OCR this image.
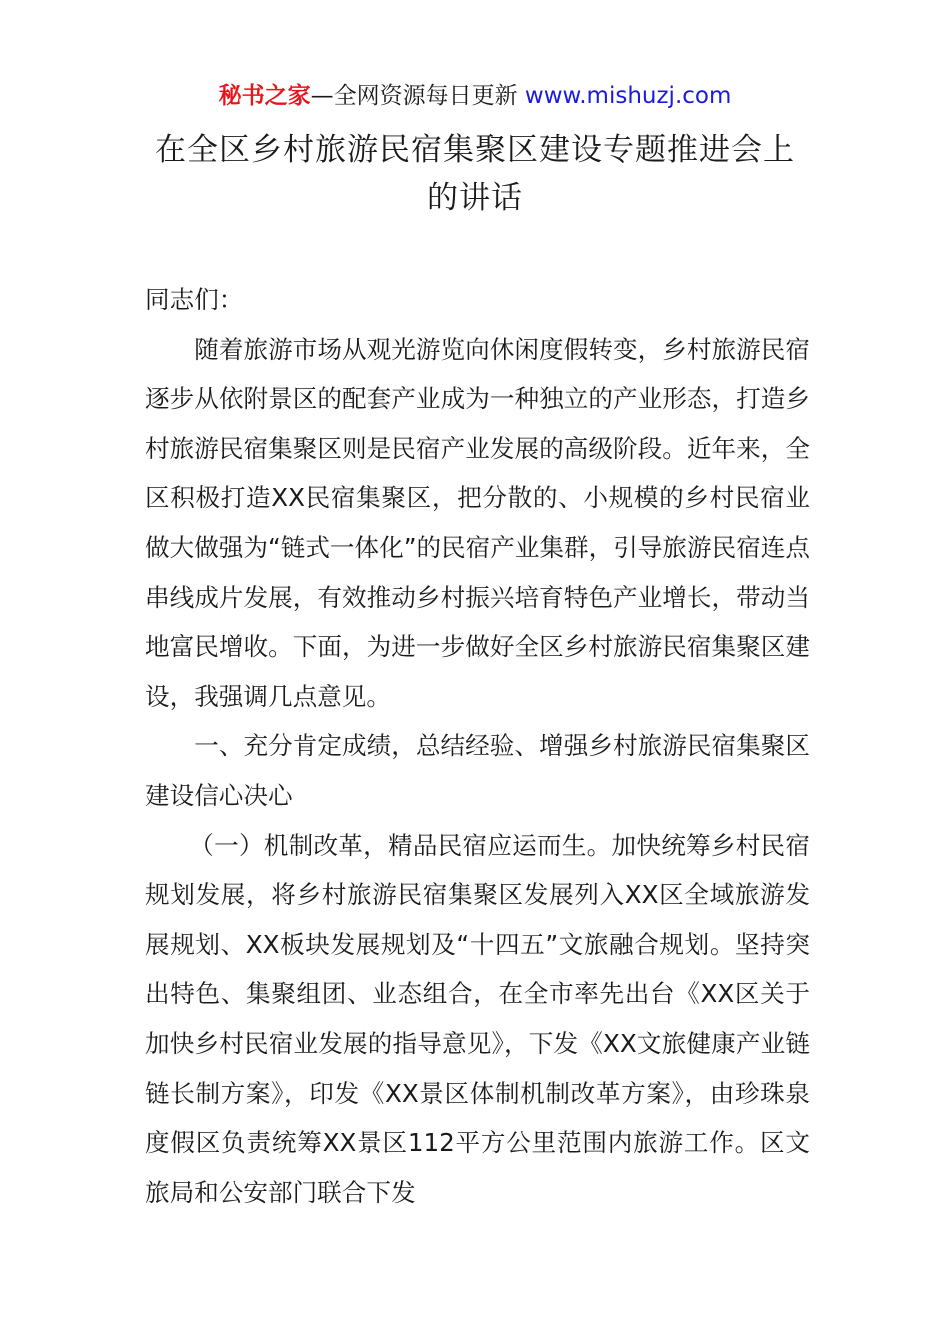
秘书之家—全网资源每日更新 www.mishuzj.com
在全区乡村旅游民宿集聚区建设专题推进会上
的讲话

同志们：

随着旅游市场从观光游览向休闲度假转变，乡村旅游民宿逐步从依附景区的配套产业成为一种独立的产业形态，打造乡村旅游民宿集聚区则是民宿产业发展的高级阶段。近年来，全区积极打造XX民宿集聚区，把分散的、小规模的乡村民宿业做大做强为“链式一体化”的民宿产业集群，引导旅游民宿连点串线成片发展，有效推动乡村振兴培育特色产业增长，带动当地富民增收。下面，为进一步做好全区乡村旅游民宿集聚区建设，我强调几点意见。

一、充分肯定成绩，总结经验、增强乡村旅游民宿集聚区建设信心决心

（一）机制改革，精品民宿应运而生。加快统筹乡村民宿规划发展，将乡村旅游民宿集聚区发展列入XX区全域旅游发展规划、XX板块发展规划及“十四五”文旅融合规划。坚持突出特色、集聚组团、业态组合，在全市率先出台《XX区关于加快乡村民宿业发展的指导意见》，下发《XX文旅健康产业链链长制方案》，印发《XX景区体制机制改革方案》，由珍珠泉度假区负责统筹XX景区112平方公里范围内旅游工作。区文旅局和公安部门联合下发
